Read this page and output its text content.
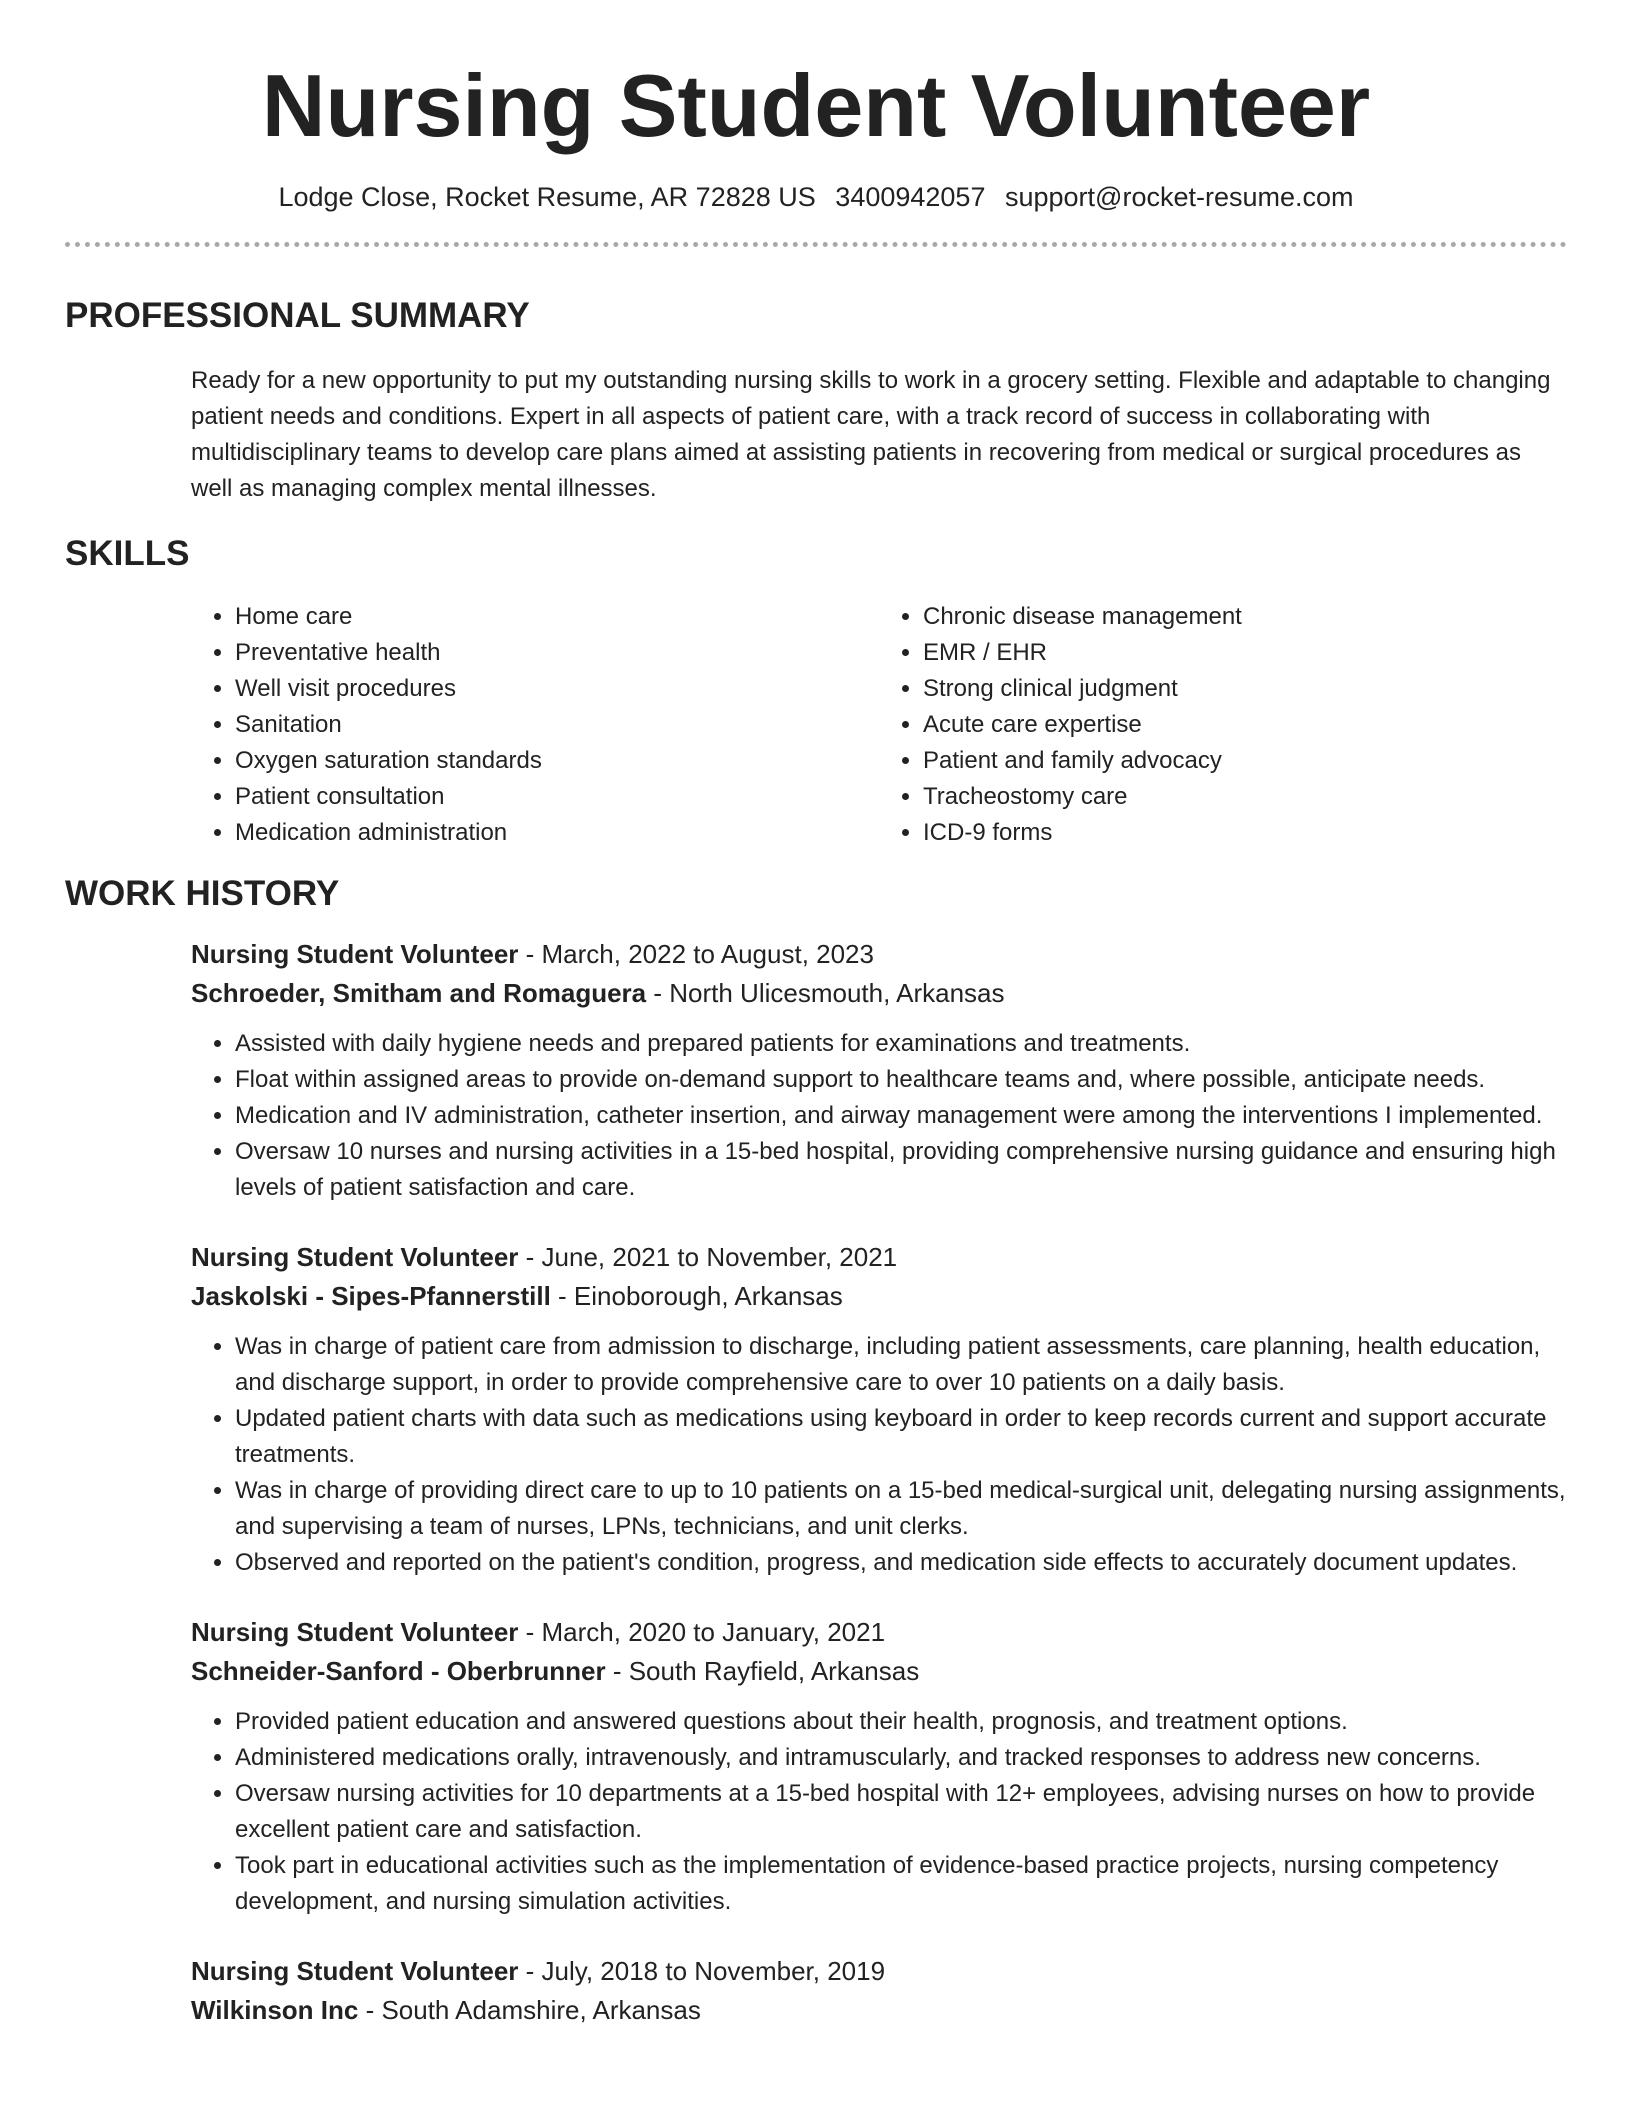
Nursing Student Volunteer
Lodge Close, Rocket Resume, AR 72828 US 3400942057 support@rocket-resume.com
PROFESSIONAL SUMMARY
Ready for a new opportunity to put my outstanding nursing skills to work in a grocery setting. Flexible and adaptable to changing patient needs and conditions. Expert in all aspects of patient care, with a track record of success in collaborating with multidisciplinary teams to develop care plans aimed at assisting patients in recovering from medical or surgical procedures as well as managing complex mental illnesses.
SKILLS
• Home care
• Preventative health
• Well visit procedures
• Sanitation
• Oxygen saturation standards
• Patient consultation
• Medication administration
• Chronic disease management
• EMR / EHR
• Strong clinical judgment
• Acute care expertise
• Patient and family advocacy
• Tracheostomy care
• ICD-9 forms
WORK HISTORY
Nursing Student Volunteer - March, 2022 to August, 2023
Schroeder, Smitham and Romaguera - North Ulicesmouth, Arkansas
• Assisted with daily hygiene needs and prepared patients for examinations and treatments.
• Float within assigned areas to provide on-demand support to healthcare teams and, where possible, anticipate needs.
• Medication and IV administration, catheter insertion, and airway management were among the interventions I implemented.
• Oversaw 10 nurses and nursing activities in a 15-bed hospital, providing comprehensive nursing guidance and ensuring high levels of patient satisfaction and care.
Nursing Student Volunteer - June, 2021 to November, 2021
Jaskolski - Sipes-Pfannerstill - Einoborough, Arkansas
• Was in charge of patient care from admission to discharge, including patient assessments, care planning, health education, and discharge support, in order to provide comprehensive care to over 10 patients on a daily basis.
• Updated patient charts with data such as medications using keyboard in order to keep records current and support accurate treatments.
• Was in charge of providing direct care to up to 10 patients on a 15-bed medical-surgical unit, delegating nursing assignments, and supervising a team of nurses, LPNs, technicians, and unit clerks.
• Observed and reported on the patient's condition, progress, and medication side effects to accurately document updates.
Nursing Student Volunteer - March, 2020 to January, 2021
Schneider-Sanford - Oberbrunner - South Rayfield, Arkansas
• Provided patient education and answered questions about their health, prognosis, and treatment options.
• Administered medications orally, intravenously, and intramuscularly, and tracked responses to address new concerns.
• Oversaw nursing activities for 10 departments at a 15-bed hospital with 12+ employees, advising nurses on how to provide excellent patient care and satisfaction.
• Took part in educational activities such as the implementation of evidence-based practice projects, nursing competency development, and nursing simulation activities.
Nursing Student Volunteer - July, 2018 to November, 2019
Wilkinson Inc - South Adamshire, Arkansas
